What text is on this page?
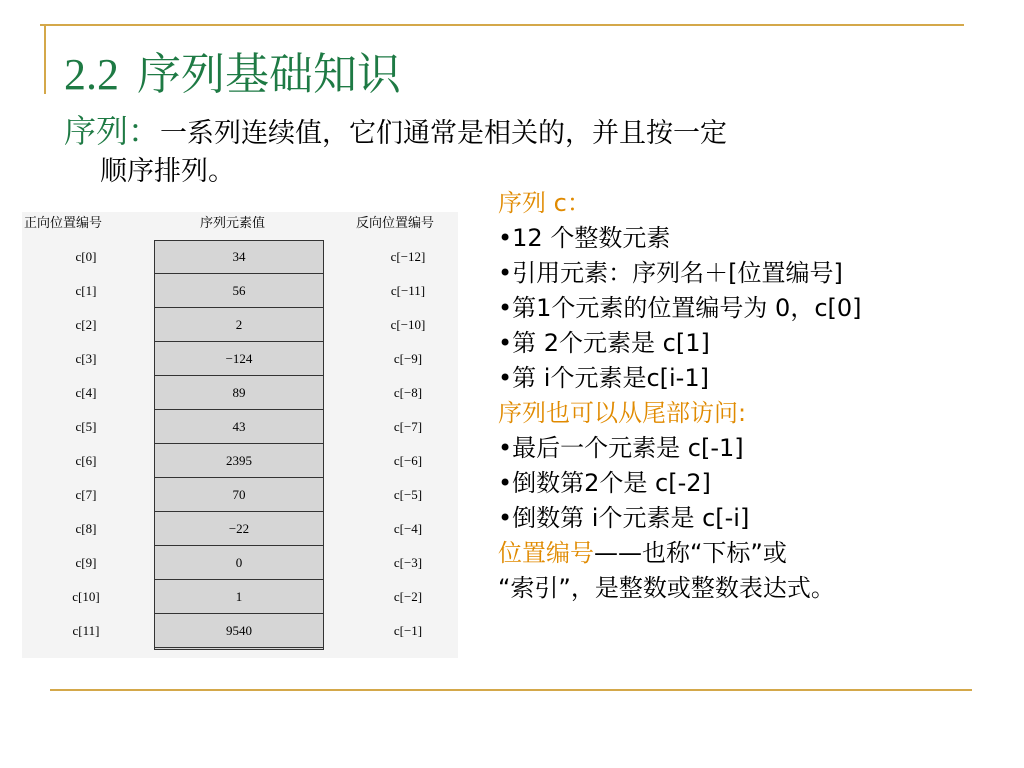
2.2 序列基础知识
序列：一系列连续值，它们通常是相关的，并且按一定
顺序排列。
正向位置编号	序列元素值	反向位置编号
c[0]	34	c[−12]
c[1]	56	c[−11]
c[2]	2	c[−10]
c[3]	−124	c[−9]
c[4]	89	c[−8]
c[5]	43	c[−7]
c[6]	2395	c[−6]
c[7]	70	c[−5]
c[8]	−22	c[−4]
c[9]	0	c[−3]
c[10]	1	c[−2]
c[11]	9540	c[−1]
序列 c：
•12 个整数元素
•引用元素：序列名＋[位置编号]
•第1个元素的位置编号为 0，c[0]
•第 2个元素是 c[1]
•第 i个元素是c[i-1]
序列也可以从尾部访问:
•最后一个元素是 c[-1]
•倒数第2个是 c[-2]
•倒数第 i个元素是 c[-i]
位置编号——也称“下标”或
“索引”，是整数或整数表达式。
